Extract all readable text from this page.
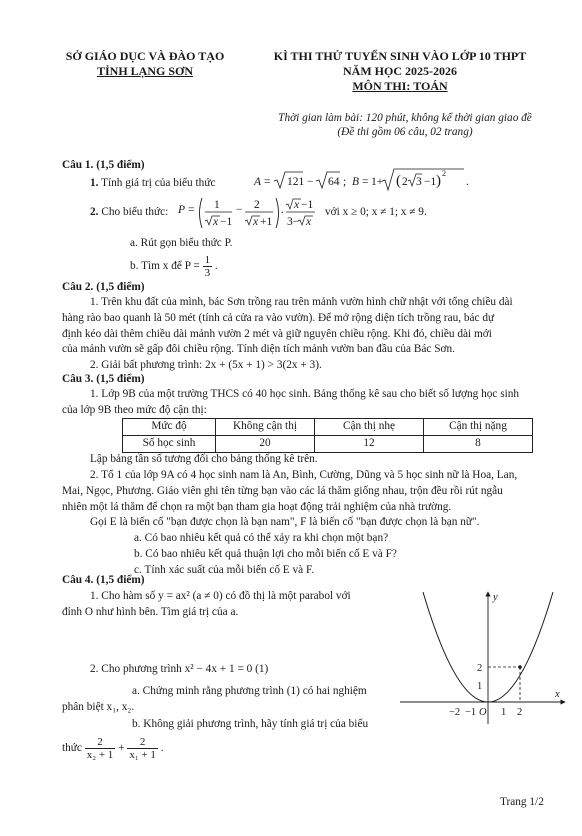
SỞ GIÁO DỤC VÀ ĐÀO TẠO
TỈNH LẠNG SƠN
KÌ THI THỬ TUYỂN SINH VÀO LỚP 10 THPT
NĂM HỌC 2025-2026
MÔN THI: TOÁN
Thời gian làm bài: 120 phút, không kể thời gian giao đề
(Đề thi gồm 06 câu, 02 trang)
Câu 1. (1,5 điểm)
1. Tính giá trị của biểu thức	A = 121 − 64 ; B = 1+ ( 2 3 −1 ) 2
.
2. Cho biểu thức: P = 1
x −1
− 2
x +1
. x −1
3− x
với x ≥ 0; x ≠ 1; x ≠ 9.
a. Rút gọn biểu thức P.
b. Tìm x để $P = \frac{1}{3}$ .
Câu 2. (1,5 điểm)
1. Trên khu đất của mình, bác Sơn trồng rau trên mảnh vườn hình chữ nhật với tổng chiều dài
hàng rào bao quanh là 50 mét (tính cả cửa ra vào vườn). Để mở rộng diện tích trồng rau, bác dự
định kéo dài thêm chiều dài mảnh vườn 2 mét và giữ nguyên chiều rộng. Khi đó, chiều dài mới
của mảnh vườn sẽ gấp đôi chiều rộng. Tính diện tích mảnh vườn ban đầu của Bác Sơn.
2. Giải bất phương trình: 2x + (5x + 1) > 3(2x + 3).
Câu 3. (1,5 điểm)
1. Lớp 9B của một trường THCS có 40 học sinh. Bảng thống kê sau cho biết số lượng học sinh
của lớp 9B theo mức độ cận thị:
Mức độ	Không cận thị	Cận thị nhẹ	Cận thị nặng
Số học sinh	20	12	8
Lập bảng tần số tương đối cho bảng thống kê trên.
2. Tổ 1 của lớp 9A có 4 học sinh nam là An, Bình, Cường, Dũng và 5 học sinh nữ là Hoa, Lan,
Mai, Ngọc, Phương. Giáo viên ghi tên từng bạn vào các lá thăm giống nhau, trộn đều rồi rút ngẫu
nhiên một lá thăm để chọn ra một bạn tham gia hoạt động trải nghiệm của nhà trường.
Gọi E là biến cố "bạn được chọn là bạn nam", F là biến cố "bạn được chọn là bạn nữ".
a. Có bao nhiêu kết quả có thể xảy ra khi chọn một bạn?
b. Có bao nhiêu kết quả thuận lợi cho mỗi biến cố E và F?
c. Tính xác suất của mỗi biến cố E và F.
Câu 4. (1,5 điểm)
1. Cho hàm số y = ax² (a ≠ 0) có đồ thị là một parabol với
đỉnh O như hình bên. Tìm giá trị của a.
2. Cho phương trình x² − 4x + 1 = 0 (1)
a. Chứng minh rằng phương trình (1) có hai nghiệm
phân biệt x₁, x₂.
b. Không giải phương trình, hãy tính giá trị của biểu
thức $\frac{2}{\text{x₂ + 1}} + \frac{2}{\text{x₁ + 1}}$ .
y
x
O
−2 −1 1 2
1
2
Trang 1/2
